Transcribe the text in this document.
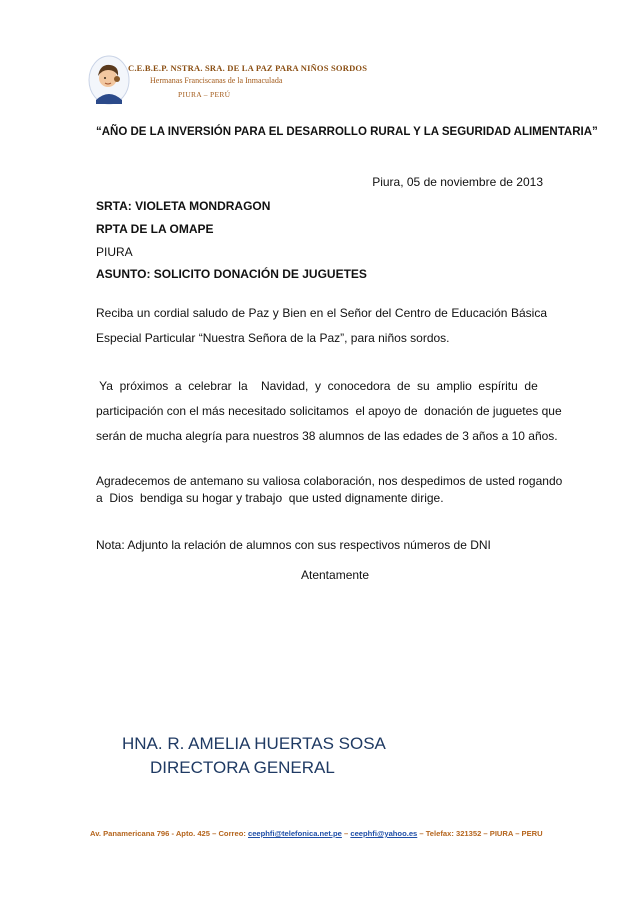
C.E.B.E.P. NSTRA. SRA. DE LA PAZ PARA NIÑOS SORDOS
Hermanas Franciscanas de la Inmaculada
PIURA – PERÚ
“AÑO DE LA INVERSIÓN PARA EL DESARROLLO RURAL Y LA SEGURIDAD ALIMENTARIA”
Piura, 05 de noviembre de 2013
SRTA: VIOLETA MONDRAGON
RPTA DE LA OMAPE
PIURA
ASUNTO: SOLICITO DONACIÓN DE JUGUETES
Reciba un cordial saludo de Paz y Bien en el Señor del Centro de Educación Básica
Especial Particular “Nuestra Señora de la Paz”, para niños sordos.
Ya  próximos  a  celebrar  la    Navidad,  y  conocedora  de  su  amplio  espíritu  de
participación con el más necesitado solicitamos  el apoyo de  donación de juguetes que
serán de mucha alegría para nuestros 38 alumnos de las edades de 3 años a 10 años.
Agradecemos de antemano su valiosa colaboración, nos despedimos de usted rogando
a  Dios  bendiga su hogar y trabajo  que usted dignamente dirige.
Nota: Adjunto la relación de alumnos con sus respectivos números de DNI
Atentamente
HNA. R. AMELIA HUERTAS SOSA
DIRECTORA GENERAL
Av. Panamericana 796 - Apto. 425 – Correo: ceephfi@telefonica.net.pe – ceephfi@yahoo.es – Telefax: 321352 – PIURA – PERU
